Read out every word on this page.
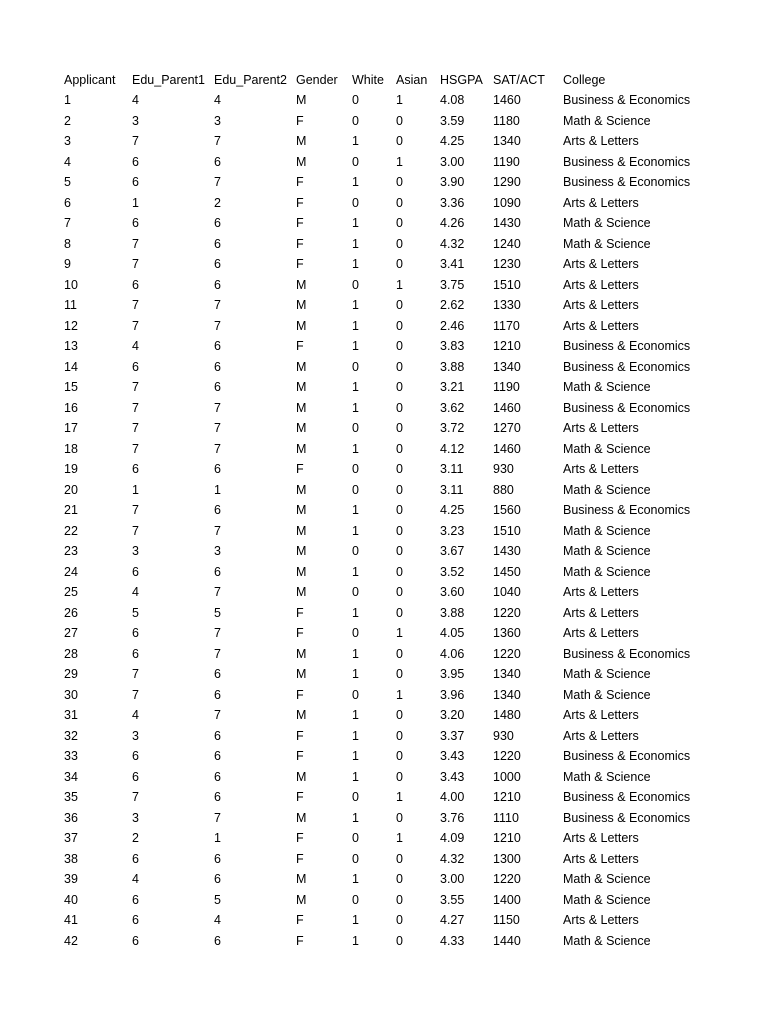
Applicant	Edu_Parent1	Edu_Parent2	Gender	White	Asian	HSGPA	SAT/ACT	College
1	4	4	M	0	1	4.08	1460	Business & Economics
2	3	3	F	0	0	3.59	1180	Math & Science
3	7	7	M	1	0	4.25	1340	Arts & Letters
4	6	6	M	0	1	3.00	1190	Business & Economics
5	6	7	F	1	0	3.90	1290	Business & Economics
6	1	2	F	0	0	3.36	1090	Arts & Letters
7	6	6	F	1	0	4.26	1430	Math & Science
8	7	6	F	1	0	4.32	1240	Math & Science
9	7	6	F	1	0	3.41	1230	Arts & Letters
10	6	6	M	0	1	3.75	1510	Arts & Letters
11	7	7	M	1	0	2.62	1330	Arts & Letters
12	7	7	M	1	0	2.46	1170	Arts & Letters
13	4	6	F	1	0	3.83	1210	Business & Economics
14	6	6	M	0	0	3.88	1340	Business & Economics
15	7	6	M	1	0	3.21	1190	Math & Science
16	7	7	M	1	0	3.62	1460	Business & Economics
17	7	7	M	0	0	3.72	1270	Arts & Letters
18	7	7	M	1	0	4.12	1460	Math & Science
19	6	6	F	0	0	3.11	930	Arts & Letters
20	1	1	M	0	0	3.11	880	Math & Science
21	7	6	M	1	0	4.25	1560	Business & Economics
22	7	7	M	1	0	3.23	1510	Math & Science
23	3	3	M	0	0	3.67	1430	Math & Science
24	6	6	M	1	0	3.52	1450	Math & Science
25	4	7	M	0	0	3.60	1040	Arts & Letters
26	5	5	F	1	0	3.88	1220	Arts & Letters
27	6	7	F	0	1	4.05	1360	Arts & Letters
28	6	7	M	1	0	4.06	1220	Business & Economics
29	7	6	M	1	0	3.95	1340	Math & Science
30	7	6	F	0	1	3.96	1340	Math & Science
31	4	7	M	1	0	3.20	1480	Arts & Letters
32	3	6	F	1	0	3.37	930	Arts & Letters
33	6	6	F	1	0	3.43	1220	Business & Economics
34	6	6	M	1	0	3.43	1000	Math & Science
35	7	6	F	0	1	4.00	1210	Business & Economics
36	3	7	M	1	0	3.76	1110	Business & Economics
37	2	1	F	0	1	4.09	1210	Arts & Letters
38	6	6	F	0	0	4.32	1300	Arts & Letters
39	4	6	M	1	0	3.00	1220	Math & Science
40	6	5	M	0	0	3.55	1400	Math & Science
41	6	4	F	1	0	4.27	1150	Arts & Letters
42	6	6	F	1	0	4.33	1440	Math & Science
